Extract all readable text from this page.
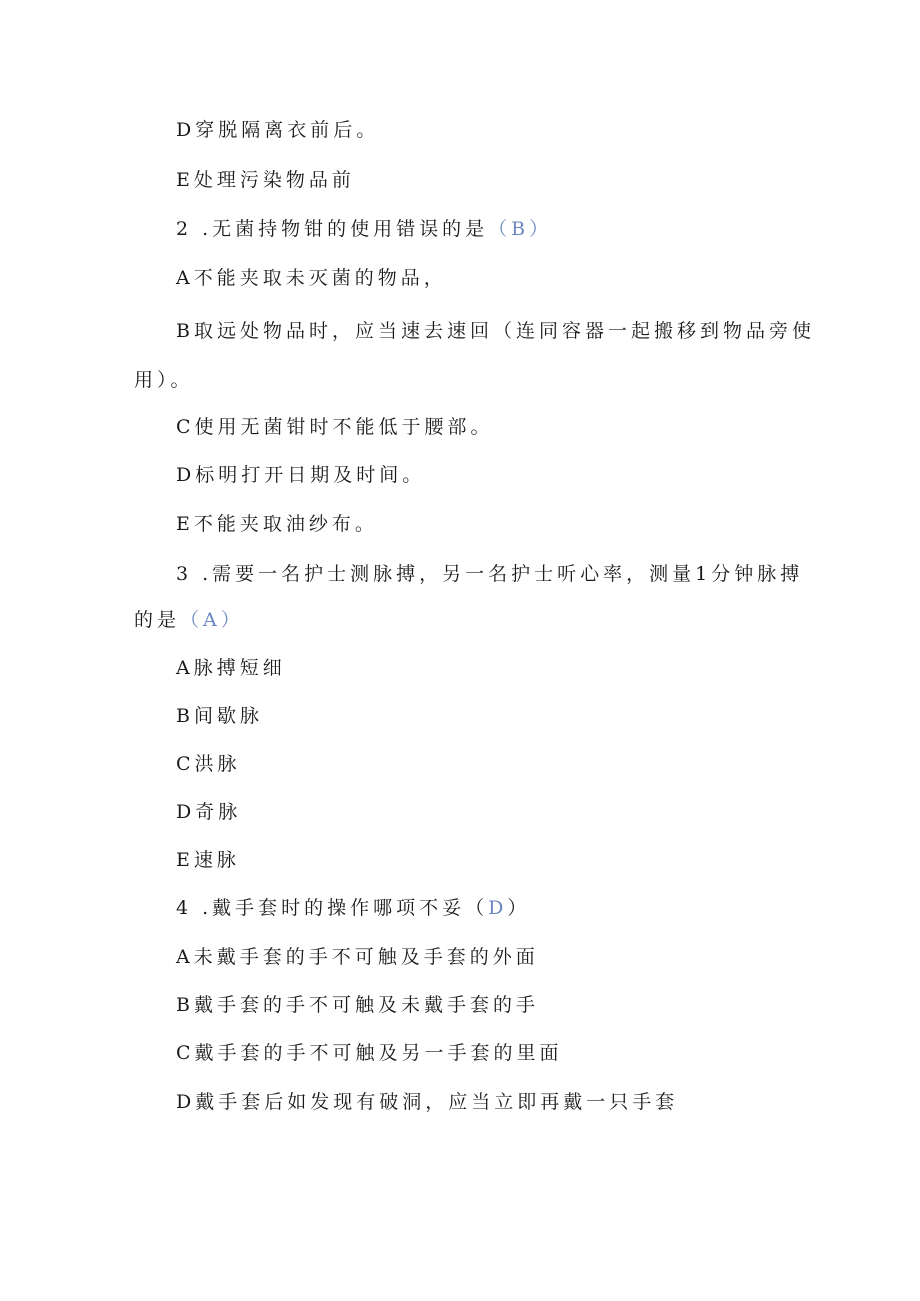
D穿脱隔离衣前后。
E处理污染物品前
2 .无菌持物钳的使用错误的是（B）
A不能夹取未灭菌的物品，
B取远处物品时，应当速去速回（连同容器一起搬移到物品旁使
用）。
C使用无菌钳时不能低于腰部。
D标明打开日期及时间。
E不能夹取油纱布。
3 .需要一名护士测脉搏，另一名护士听心率，测量1分钟脉搏
的是（A）
A脉搏短细
B间歇脉
C洪脉
D奇脉
E速脉
4 .戴手套时的操作哪项不妥（D）
A未戴手套的手不可触及手套的外面
B戴手套的手不可触及未戴手套的手
C戴手套的手不可触及另一手套的里面
D戴手套后如发现有破洞，应当立即再戴一只手套
